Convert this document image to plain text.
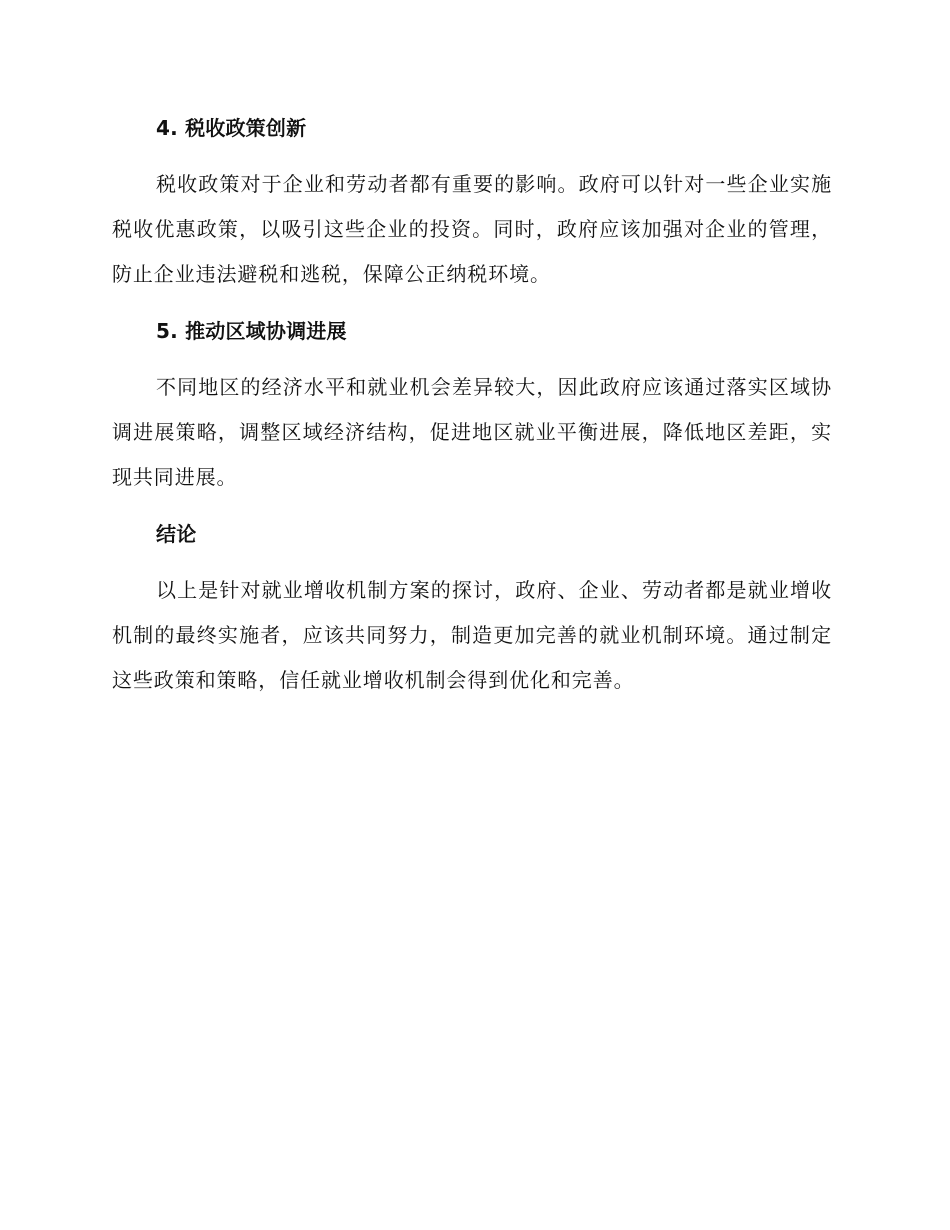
4. 税收政策创新

税收政策对于企业和劳动者都有重要的影响。政府可以针对一些企业实施税收优惠政策，以吸引这些企业的投资。同时，政府应该加强对企业的管理，防止企业违法避税和逃税，保障公正纳税环境。

5. 推动区域协调进展

不同地区的经济水平和就业机会差异较大，因此政府应该通过落实区域协调进展策略，调整区域经济结构，促进地区就业平衡进展，降低地区差距，实现共同进展。

结论

以上是针对就业增收机制方案的探讨，政府、企业、劳动者都是就业增收机制的最终实施者，应该共同努力，制造更加完善的就业机制环境。通过制定这些政策和策略，信任就业增收机制会得到优化和完善。
